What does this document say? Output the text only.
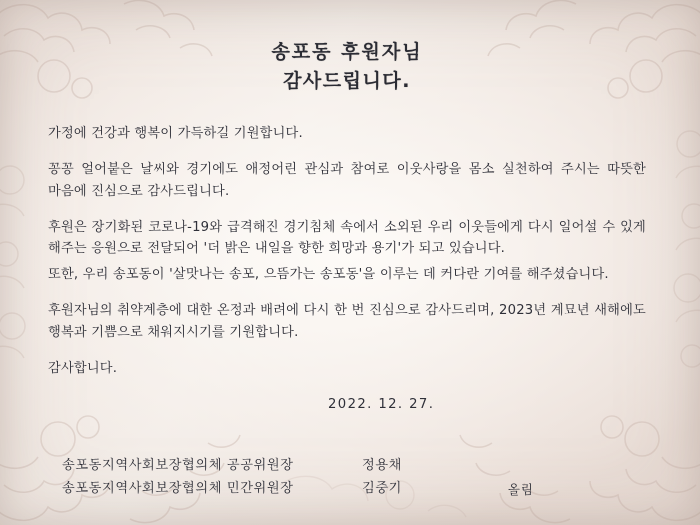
송포동 후원자님
감사드립니다.

가정에 건강과 행복이 가득하길 기원합니다.

꽁꽁 얼어붙은 날씨와 경기에도 애정어린 관심과 참여로 이웃사랑을 몸소 실천하여 주시는 따뜻한 마음에 진심으로 감사드립니다.

후원은 장기화된 코로나-19와 급격해진 경기침체 속에서 소외된 우리 이웃들에게 다시 일어설 수 있게 해주는 응원으로 전달되어 '더 밝은 내일을 향한 희망과 용기'가 되고 있습니다.

또한, 우리 송포동이 '살맛나는 송포, 으뜸가는 송포동'을 이루는 데 커다란 기여를 해주셨습니다.

후원자님의 취약계층에 대한 온정과 배려에 다시 한 번 진심으로 감사드리며, 2023년 계묘년 새해에도 행복과 기쁨으로 채워지시기를 기원합니다.

감사합니다.

2022. 12. 27.
송포동지역사회보장협의체 공공위원장	정용채
송포동지역사회보장협의체 민간위원장	김중기	올림
